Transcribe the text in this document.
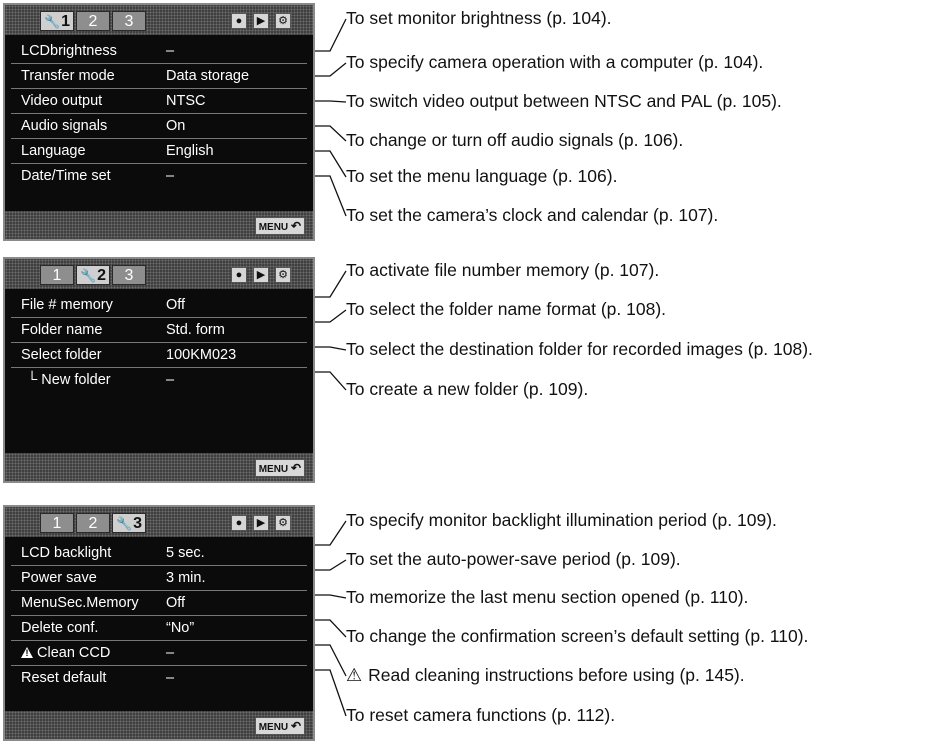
🔧1	2	3	●	▶	⚙
LCDbrightness	–
Transfer mode	Data storage
Video output	NTSC
Audio signals	On
Language	English
Date/Time set	–
MENU ↶
1	🔧2	3	●	▶	⚙
File # memory	Off
Folder name	Std. form
Select folder	100KM023
└ New folder	–
MENU ↶
1	2	🔧3	●	▶	⚙
LCD backlight	5 sec.
Power save	3 min.
MenuSec.Memory Off
Delete conf.	“No”
!Clean CCD	–
Reset default	–
MENU ↶
To set monitor brightness (p. 104).
To specify camera operation with a computer (p. 104).
To switch video output between NTSC and PAL (p. 105).
To change or turn off audio signals (p. 106).
To set the menu language (p. 106).
To set the camera’s clock and calendar (p. 107).
To activate file number memory (p. 107).
To select the folder name format (p. 108).
To select the destination folder for recorded images (p. 108).
To create a new folder (p. 109).
To specify monitor backlight illumination period (p. 109).
To set the auto-power-save period (p. 109).
To memorize the last menu section opened (p. 110).
To change the confirmation screen’s default setting (p. 110).
⚠ Read cleaning instructions before using (p. 145).
To reset camera functions (p. 112).
